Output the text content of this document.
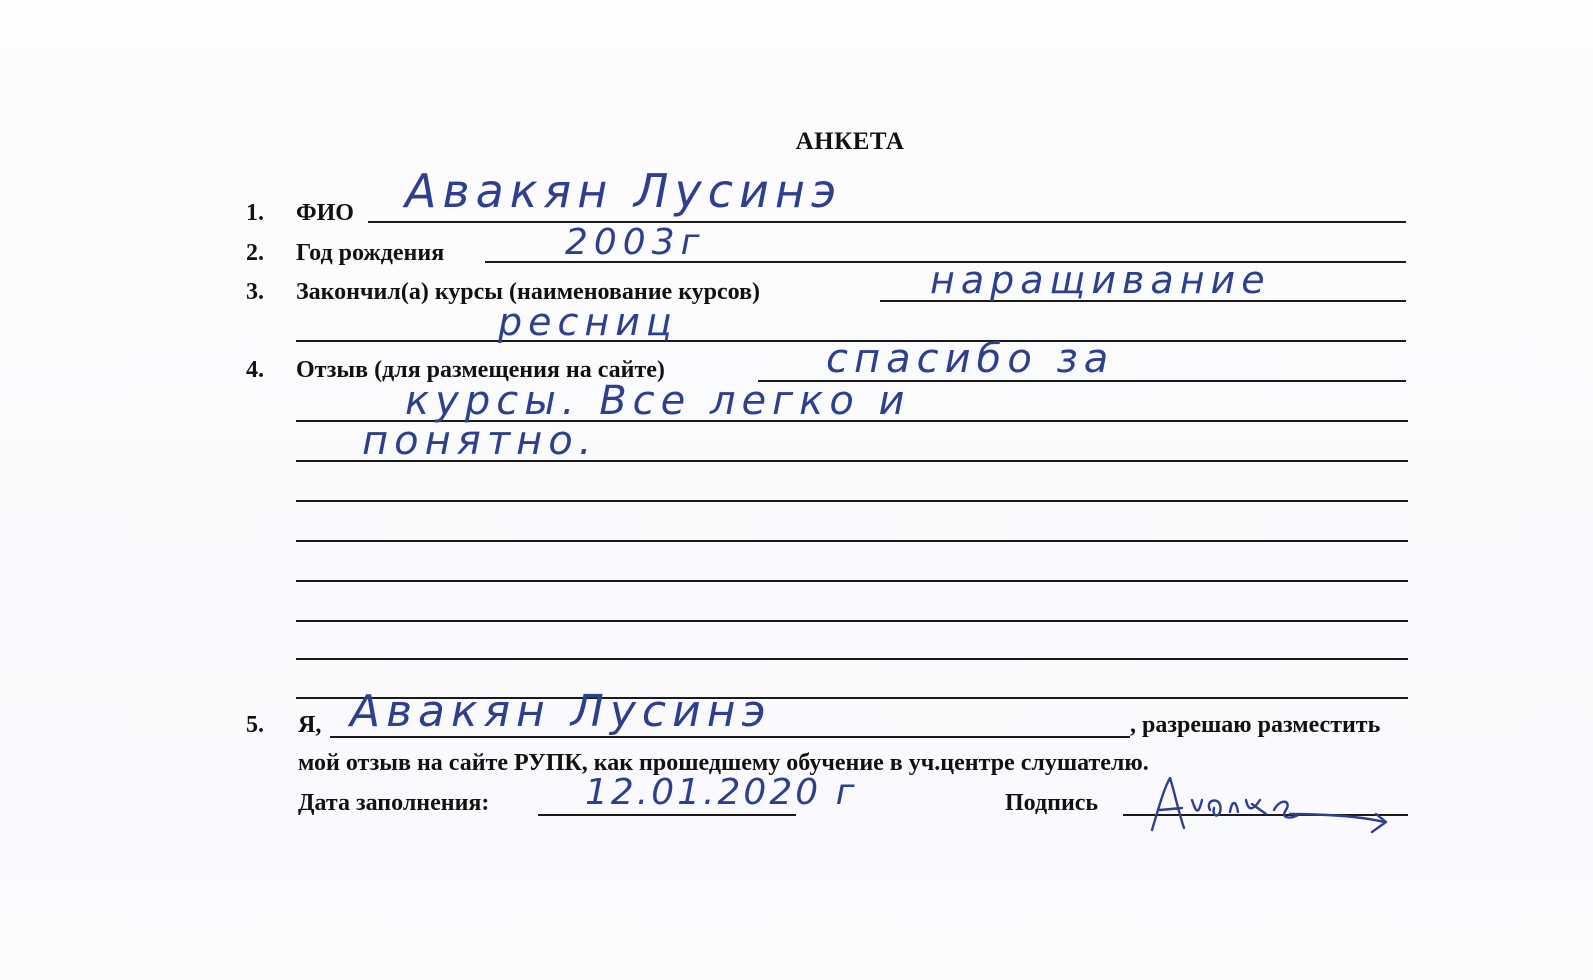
АНКЕТА
1.	ФИО Авакян Лусинэ
2.	Год рождения	2003г
3.	Закончил(а) курсы (наименование курсов)	наращивание
ресниц
4.	Отзыв (для размещения на сайте)	спасибо за
курсы. Все легко и
понятно.
5.	Я, Авакян Лусинэ	, разрешаю разместить
мой отзыв на сайте РУПК, как прошедшему обучение в уч.центре слушателю.
Дата заполнения:	12.01.2020 г	Подпись
